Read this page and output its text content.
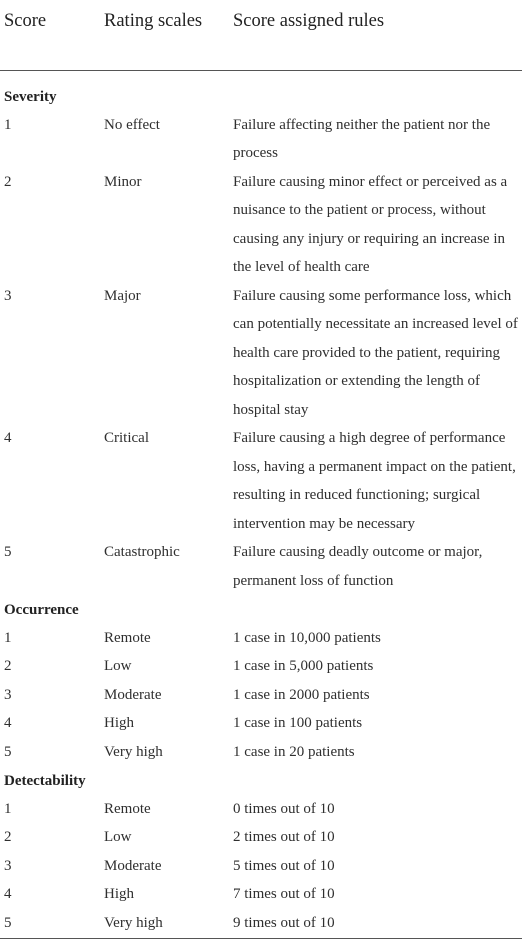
Score	Rating scales	Score assigned rules
Severity
1	No effect	Failure affecting neither the patient nor the process
2	Minor	Failure causing minor effect or perceived as a nuisance to the patient or process, without causing any injury or requiring an increase in the level of health care
3	Major	Failure causing some performance loss, which can potentially necessitate an increased level of health care provided to the patient, requiring hospitalization or extending the length of hospital stay
4	Critical	Failure causing a high degree of performance loss, having a permanent impact on the patient, resulting in reduced functioning; surgical intervention may be necessary
5	Catastrophic	Failure causing deadly outcome or major, permanent loss of function
Occurrence
1	Remote	1 case in 10,000 patients
2	Low	1 case in 5,000 patients
3	Moderate	1 case in 2000 patients
4	High	1 case in 100 patients
5	Very high	1 case in 20 patients
Detectability
1	Remote	0 times out of 10
2	Low	2 times out of 10
3	Moderate	5 times out of 10
4	High	7 times out of 10
5	Very high	9 times out of 10
